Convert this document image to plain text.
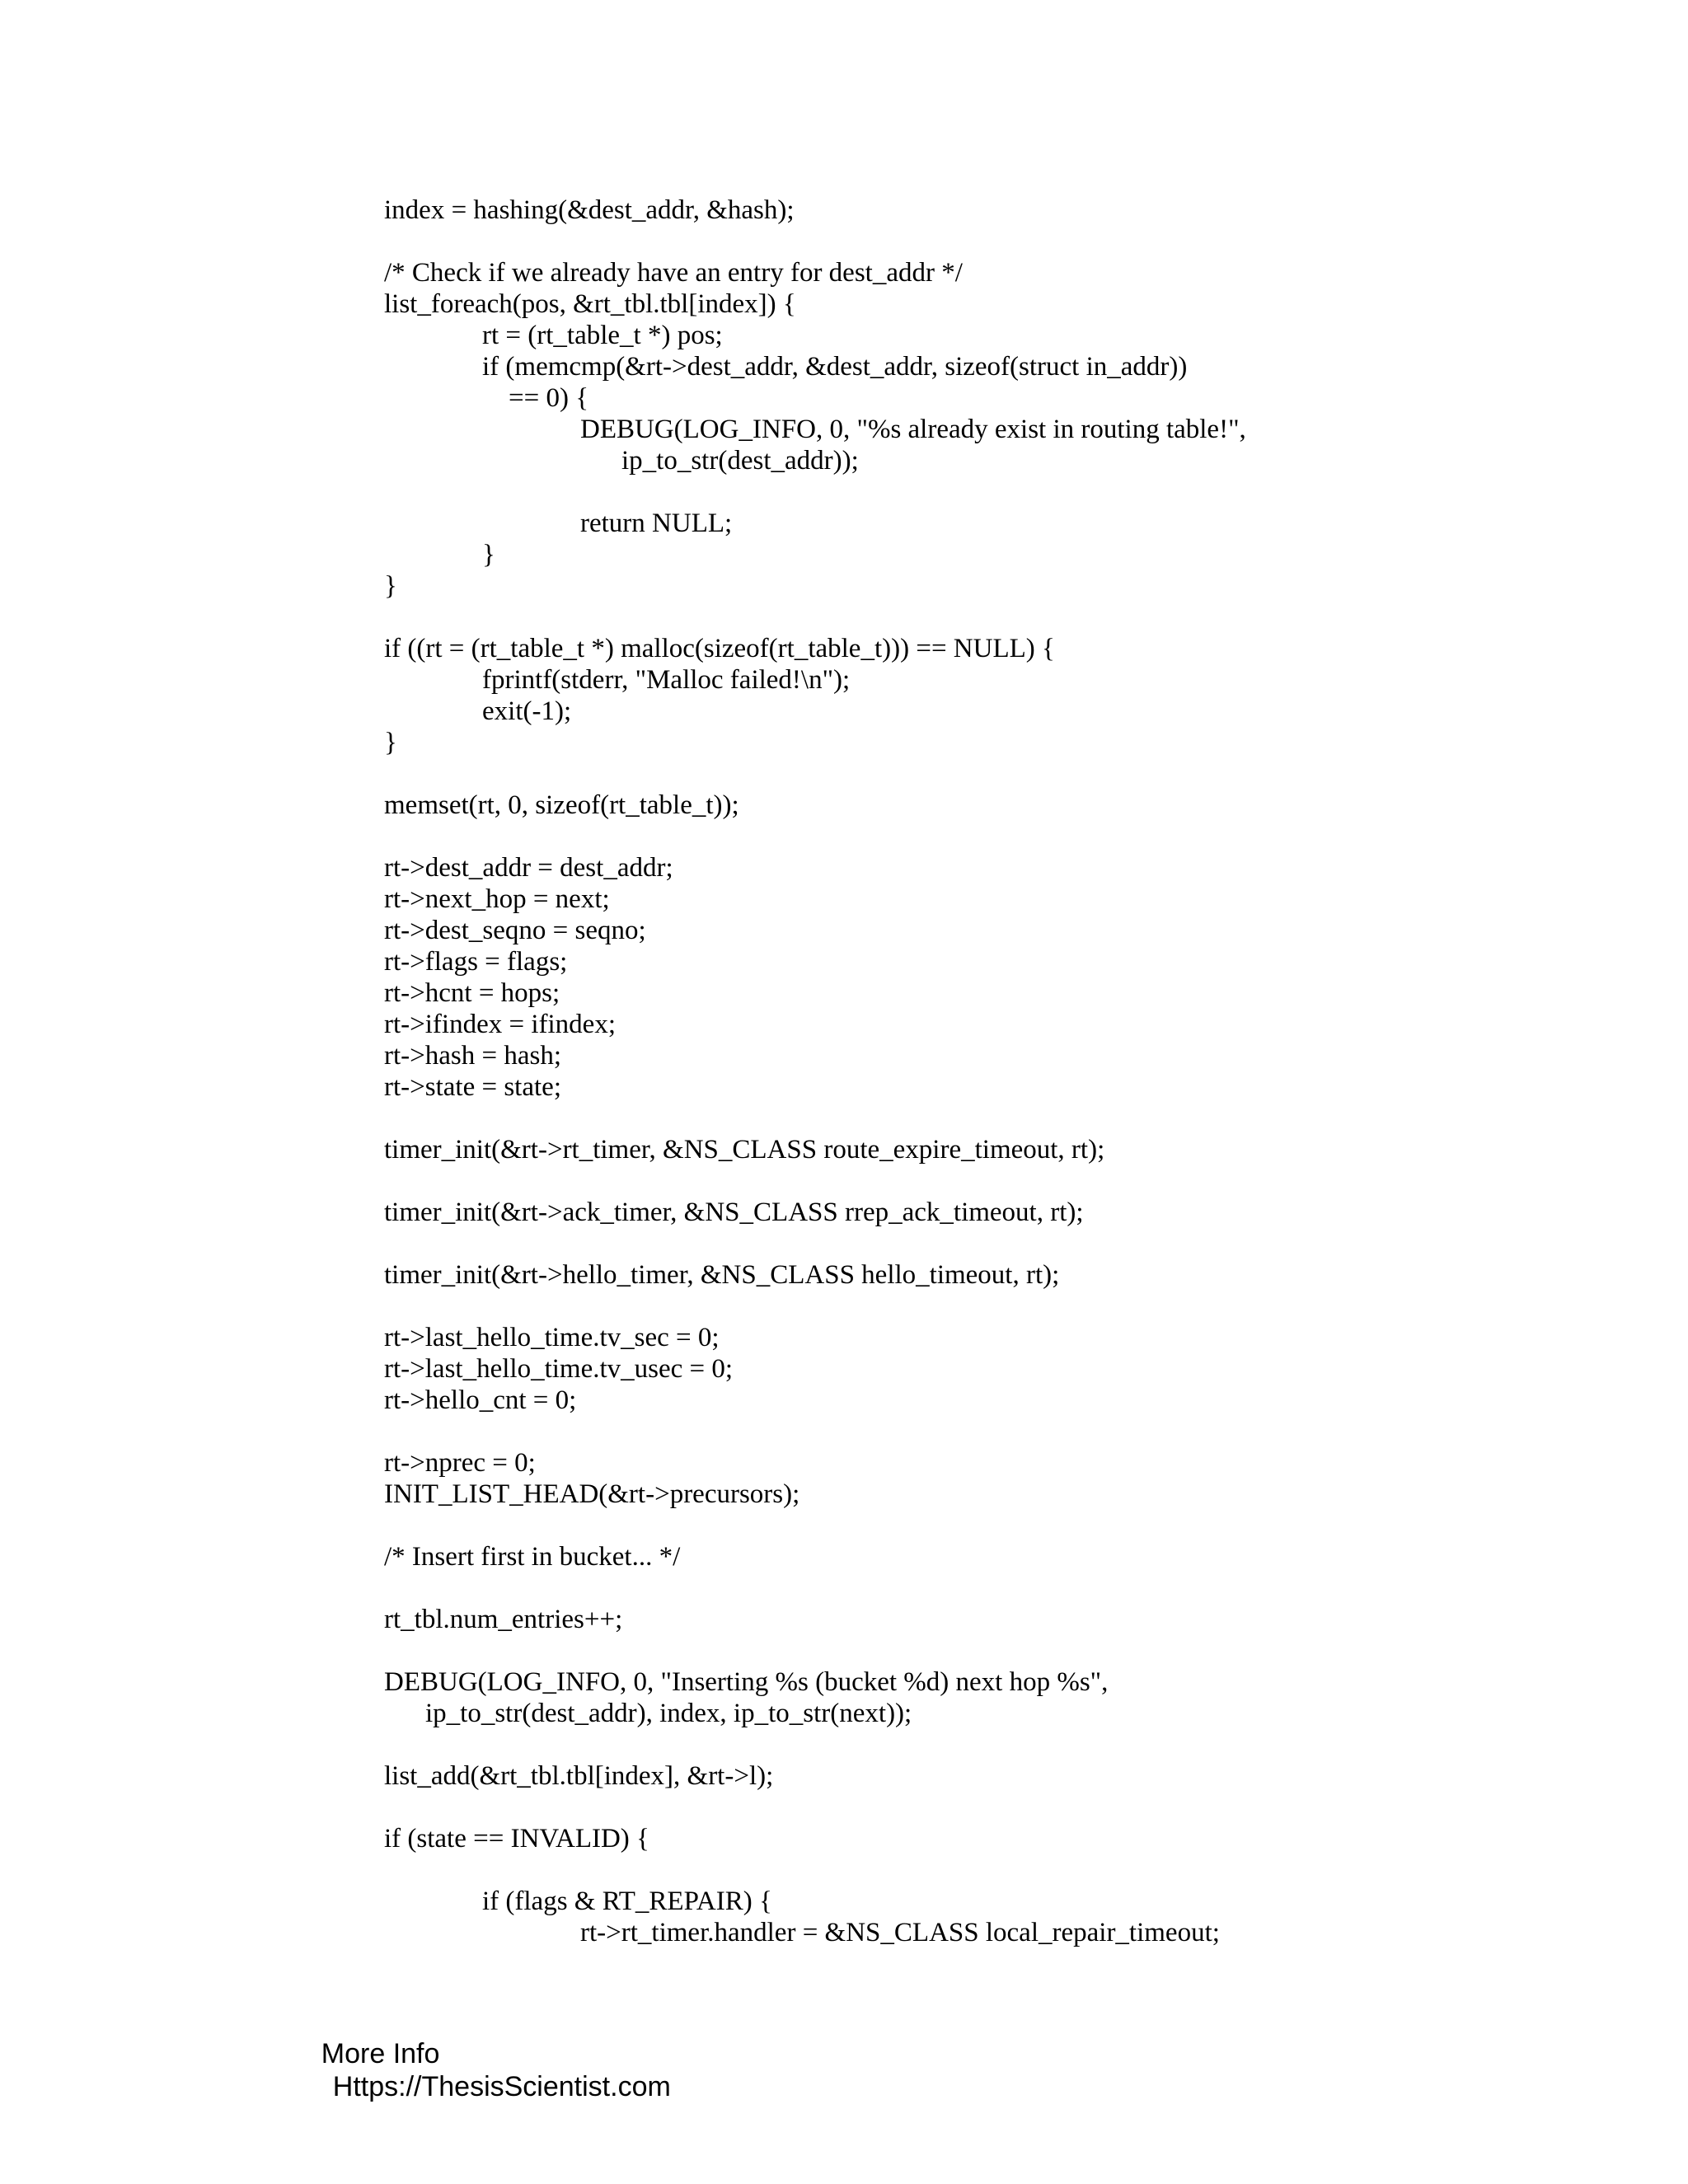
index = hashing(&dest_addr, &hash);
/* Check if we already have an entry for dest_addr */
list_foreach(pos, &rt_tbl.tbl[index]) {
rt = (rt_table_t *) pos;
if (memcmp(&rt->dest_addr, &dest_addr, sizeof(struct in_addr))
== 0) {
DEBUG(LOG_INFO, 0, "%s already exist in routing table!",
ip_to_str(dest_addr));
return NULL;
}
}
if ((rt = (rt_table_t *) malloc(sizeof(rt_table_t))) == NULL) {
fprintf(stderr, "Malloc failed!\n");
exit(-1);
}
memset(rt, 0, sizeof(rt_table_t));
rt->dest_addr = dest_addr;
rt->next_hop = next;
rt->dest_seqno = seqno;
rt->flags = flags;
rt->hcnt = hops;
rt->ifindex = ifindex;
rt->hash = hash;
rt->state = state;
timer_init(&rt->rt_timer, &NS_CLASS route_expire_timeout, rt);
timer_init(&rt->ack_timer, &NS_CLASS rrep_ack_timeout, rt);
timer_init(&rt->hello_timer, &NS_CLASS hello_timeout, rt);
rt->last_hello_time.tv_sec = 0;
rt->last_hello_time.tv_usec = 0;
rt->hello_cnt = 0;
rt->nprec = 0;
INIT_LIST_HEAD(&rt->precursors);
/* Insert first in bucket... */
rt_tbl.num_entries++;
DEBUG(LOG_INFO, 0, "Inserting %s (bucket %d) next hop %s",
ip_to_str(dest_addr), index, ip_to_str(next));
list_add(&rt_tbl.tbl[index], &rt->l);
if (state == INVALID) {
if (flags & RT_REPAIR) {
rt->rt_timer.handler = &NS_CLASS local_repair_timeout;

More Info
Https://ThesisScientist.com
